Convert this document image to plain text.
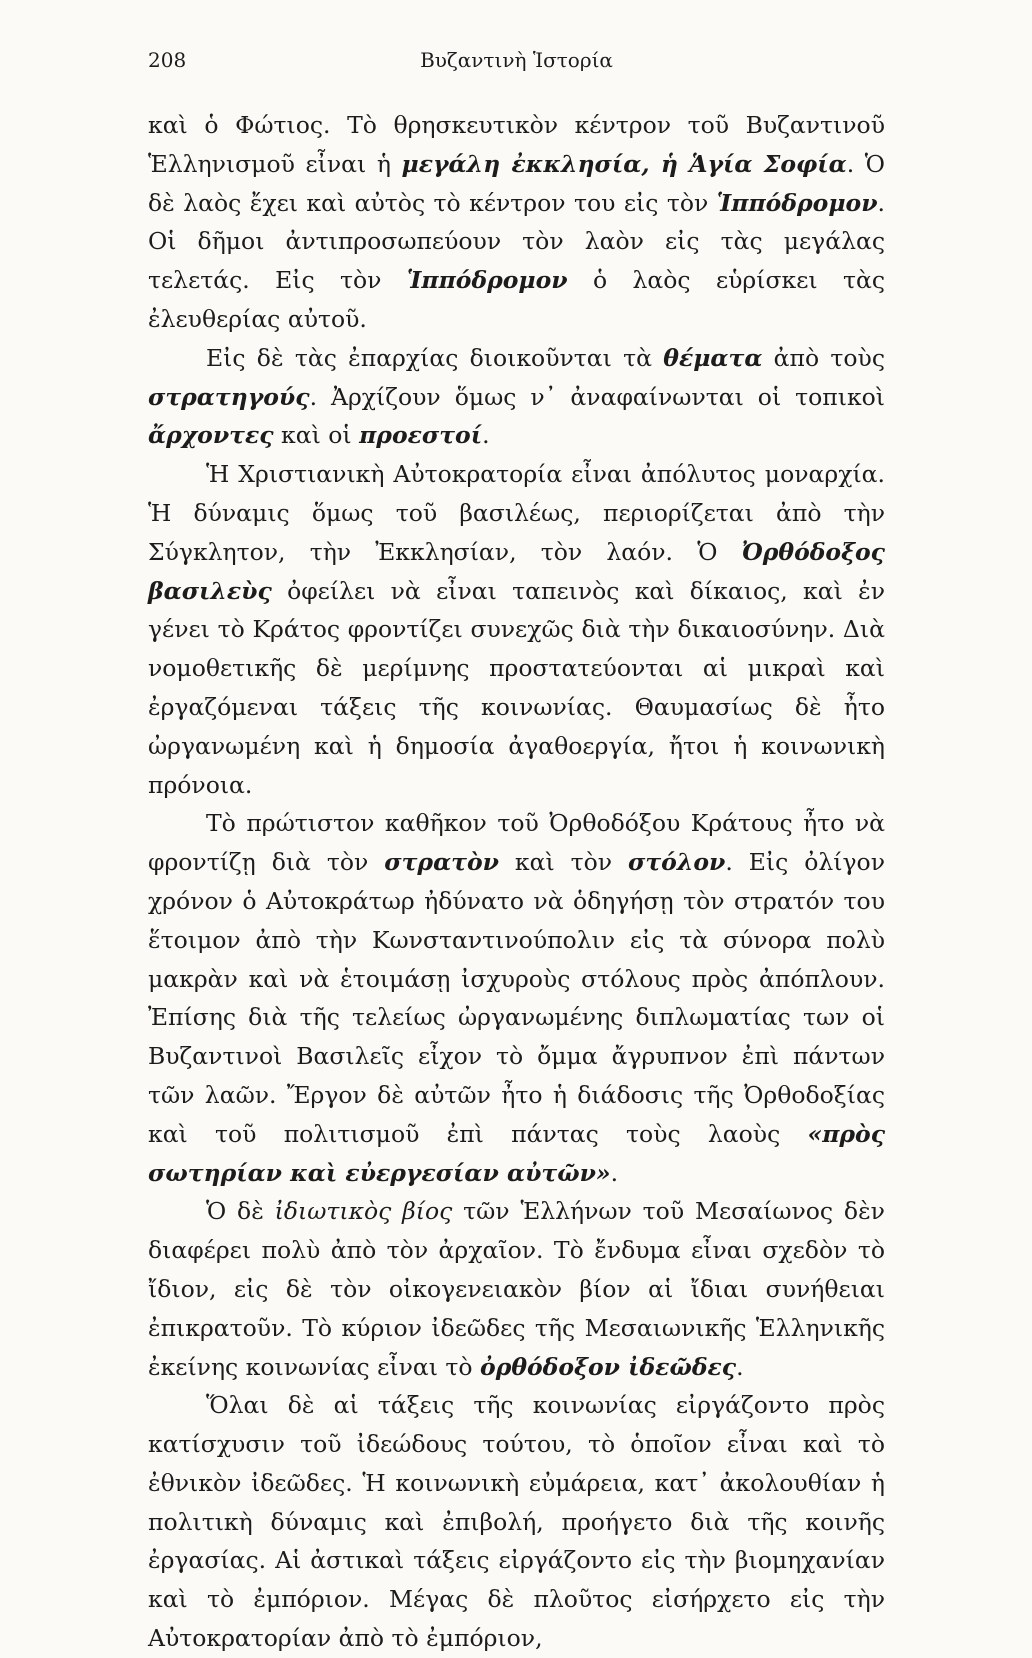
208	Βυζαντινὴ Ἱστορία

καὶ ὁ Φώτιος. Τὸ θρησκευτικὸν κέντρον τοῦ Βυζαντινοῦ Ἑλληνισμοῦ εἶναι ἡ μεγάλη ἐκκλησία, ἡ Ἁγία Σοφία. Ὁ δὲ λαὸς ἔχει καὶ αὐτὸς τὸ κέντρον του εἰς τὸν Ἱππόδρομον. Οἱ δῆμοι ἀντιπροσωπεύουν τὸν λαὸν εἰς τὰς μεγάλας τελετάς. Εἰς τὸν Ἱππόδρομον ὁ λαὸς εὑρίσκει τὰς ἐλευθερίας αὐτοῦ.

Εἰς δὲ τὰς ἐπαρχίας διοικοῦνται τὰ θέματα ἀπὸ τοὺς στρατηγούς. Ἀρχίζουν ὅμως ν᾿ ἀναφαίνωνται οἱ τοπικοὶ ἄρχοντες καὶ οἱ προεστοί.

Ἡ Χριστιανικὴ Αὐτοκρατορία εἶναι ἀπόλυτος μοναρχία. Ἡ δύναμις ὅμως τοῦ βασιλέως, περιορίζεται ἀπὸ τὴν Σύγκλητον, τὴν Ἐκκλησίαν, τὸν λαόν. Ὁ Ὀρθόδοξος βασιλεὺς ὀφείλει νὰ εἶναι ταπεινὸς καὶ δίκαιος, καὶ ἐν γένει τὸ Κράτος φροντίζει συνεχῶς διὰ τὴν δικαιοσύνην. Διὰ νομοθετικῆς δὲ μερίμνης προστατεύονται αἱ μικραὶ καὶ ἐργαζόμεναι τάξεις τῆς κοινωνίας. Θαυμασίως δὲ ἦτο ὠργανωμένη καὶ ἡ δημοσία ἀγαθοεργία, ἤτοι ἡ κοινωνικὴ πρόνοια.

Τὸ πρώτιστον καθῆκον τοῦ Ὀρθοδόξου Κράτους ἦτο νὰ φροντίζῃ διὰ τὸν στρατὸν καὶ τὸν στόλον. Εἰς ὀλίγον χρόνον ὁ Αὐτοκράτωρ ἠδύνατο νὰ ὁδηγήσῃ τὸν στρατόν του ἕτοιμον ἀπὸ τὴν Κωνσταντινούπολιν εἰς τὰ σύνορα πολὺ μακρὰν καὶ νὰ ἑτοιμάσῃ ἰσχυροὺς στόλους πρὸς ἀπόπλουν. Ἐπίσης διὰ τῆς τελείως ὠργανωμένης διπλωματίας των οἱ Βυζαντινοὶ Βασιλεῖς εἶχον τὸ ὄμμα ἄγρυπνον ἐπὶ πάντων τῶν λαῶν. Ἔργον δὲ αὐτῶν ἦτο ἡ διάδοσις τῆς Ὀρθοδοξίας καὶ τοῦ πολιτισμοῦ ἐπὶ πάντας τοὺς λαοὺς «πρὸς σωτηρίαν καὶ εὐεργεσίαν αὐτῶν».

Ὁ δὲ ἰδιωτικὸς βίος τῶν Ἑλλήνων τοῦ Μεσαίωνος δὲν διαφέρει πολὺ ἀπὸ τὸν ἀρχαῖον. Τὸ ἔνδυμα εἶναι σχεδὸν τὸ ἴδιον, εἰς δὲ τὸν οἰκογενειακὸν βίον αἱ ἴδιαι συνήθειαι ἐπικρατοῦν. Τὸ κύριον ἰδεῶδες τῆς Μεσαιωνικῆς Ἑλληνικῆς ἐκείνης κοινωνίας εἶναι τὸ ὀρθόδοξον ἰδεῶδες.

Ὅλαι δὲ αἱ τάξεις τῆς κοινωνίας εἰργάζοντο πρὸς κατίσχυσιν τοῦ ἰδεώδους τούτου, τὸ ὁποῖον εἶναι καὶ τὸ ἐθνικὸν ἰδεῶδες. Ἡ κοινωνικὴ εὐμάρεια, κατ᾿ ἀκολουθίαν ἡ πολιτικὴ δύναμις καὶ ἐπιβολή, προήγετο διὰ τῆς κοινῆς ἐργασίας. Αἱ ἀστικαὶ τάξεις εἰργάζοντο εἰς τὴν βιομηχανίαν καὶ τὸ ἐμπόριον. Μέγας δὲ πλοῦτος εἰσήρχετο εἰς τὴν Αὐτοκρατορίαν ἀπὸ τὸ ἐμπόριον,
